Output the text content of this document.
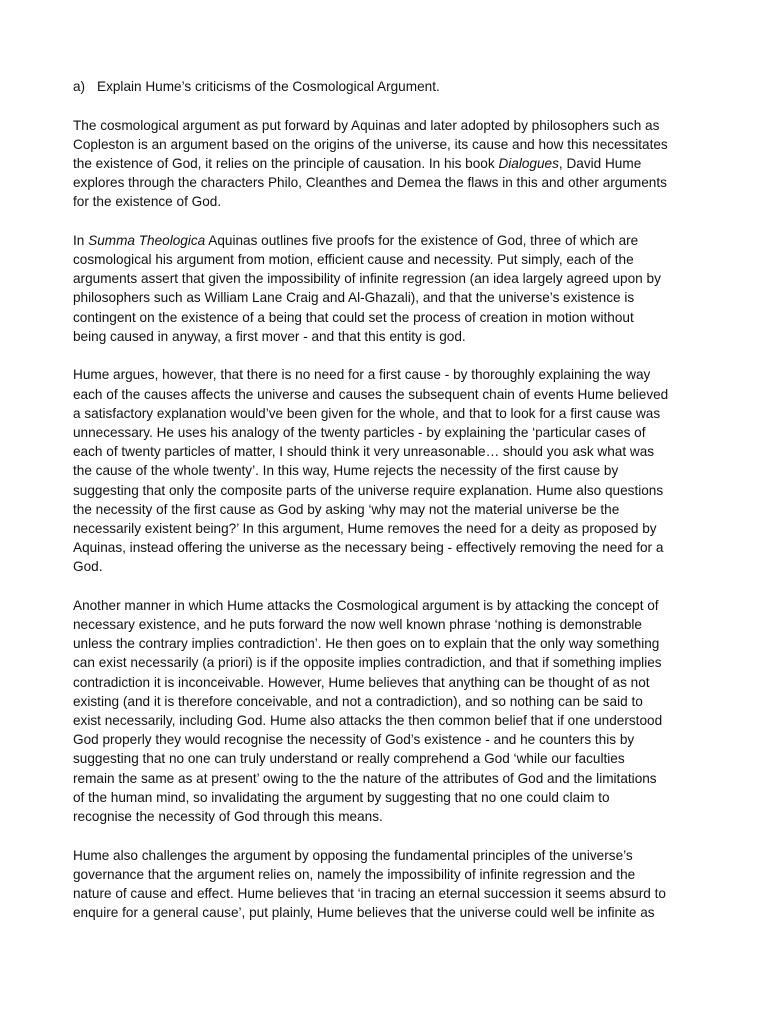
a) Explain Hume’s criticisms of the Cosmological Argument.

The cosmological argument as put forward by Aquinas and later adopted by philosophers such as
Copleston is an argument based on the origins of the universe, its cause and how this necessitates
the existence of God, it relies on the principle of causation. In his book Dialogues, David Hume
explores through the characters Philo, Cleanthes and Demea the flaws in this and other arguments
for the existence of God.

In Summa Theologica Aquinas outlines five proofs for the existence of God, three of which are
cosmological his argument from motion, efficient cause and necessity. Put simply, each of the
arguments assert that given the impossibility of infinite regression (an idea largely agreed upon by
philosophers such as William Lane Craig and Al-Ghazali), and that the universe’s existence is
contingent on the existence of a being that could set the process of creation in motion without
being caused in anyway, a first mover - and that this entity is god.

Hume argues, however, that there is no need for a first cause - by thoroughly explaining the way
each of the causes affects the universe and causes the subsequent chain of events Hume believed
a satisfactory explanation would’ve been given for the whole, and that to look for a first cause was
unnecessary. He uses his analogy of the twenty particles - by explaining the ‘particular cases of
each of twenty particles of matter, I should think it very unreasonable… should you ask what was
the cause of the whole twenty’. In this way, Hume rejects the necessity of the first cause by
suggesting that only the composite parts of the universe require explanation. Hume also questions
the necessity of the first cause as God by asking ‘why may not the material universe be the
necessarily existent being?’ In this argument, Hume removes the need for a deity as proposed by
Aquinas, instead offering the universe as the necessary being - effectively removing the need for a
God.

Another manner in which Hume attacks the Cosmological argument is by attacking the concept of
necessary existence, and he puts forward the now well known phrase ‘nothing is demonstrable
unless the contrary implies contradiction’. He then goes on to explain that the only way something
can exist necessarily (a priori) is if the opposite implies contradiction, and that if something implies
contradiction it is inconceivable. However, Hume believes that anything can be thought of as not
existing (and it is therefore conceivable, and not a contradiction), and so nothing can be said to
exist necessarily, including God. Hume also attacks the then common belief that if one understood
God properly they would recognise the necessity of God’s existence - and he counters this by
suggesting that no one can truly understand or really comprehend a God ‘while our faculties
remain the same as at present’ owing to the the nature of the attributes of God and the limitations
of the human mind, so invalidating the argument by suggesting that no one could claim to
recognise the necessity of God through this means.

Hume also challenges the argument by opposing the fundamental principles of the universe’s
governance that the argument relies on, namely the impossibility of infinite regression and the
nature of cause and effect. Hume believes that ‘in tracing an eternal succession it seems absurd to
enquire for a general cause’, put plainly, Hume believes that the universe could well be infinite as
